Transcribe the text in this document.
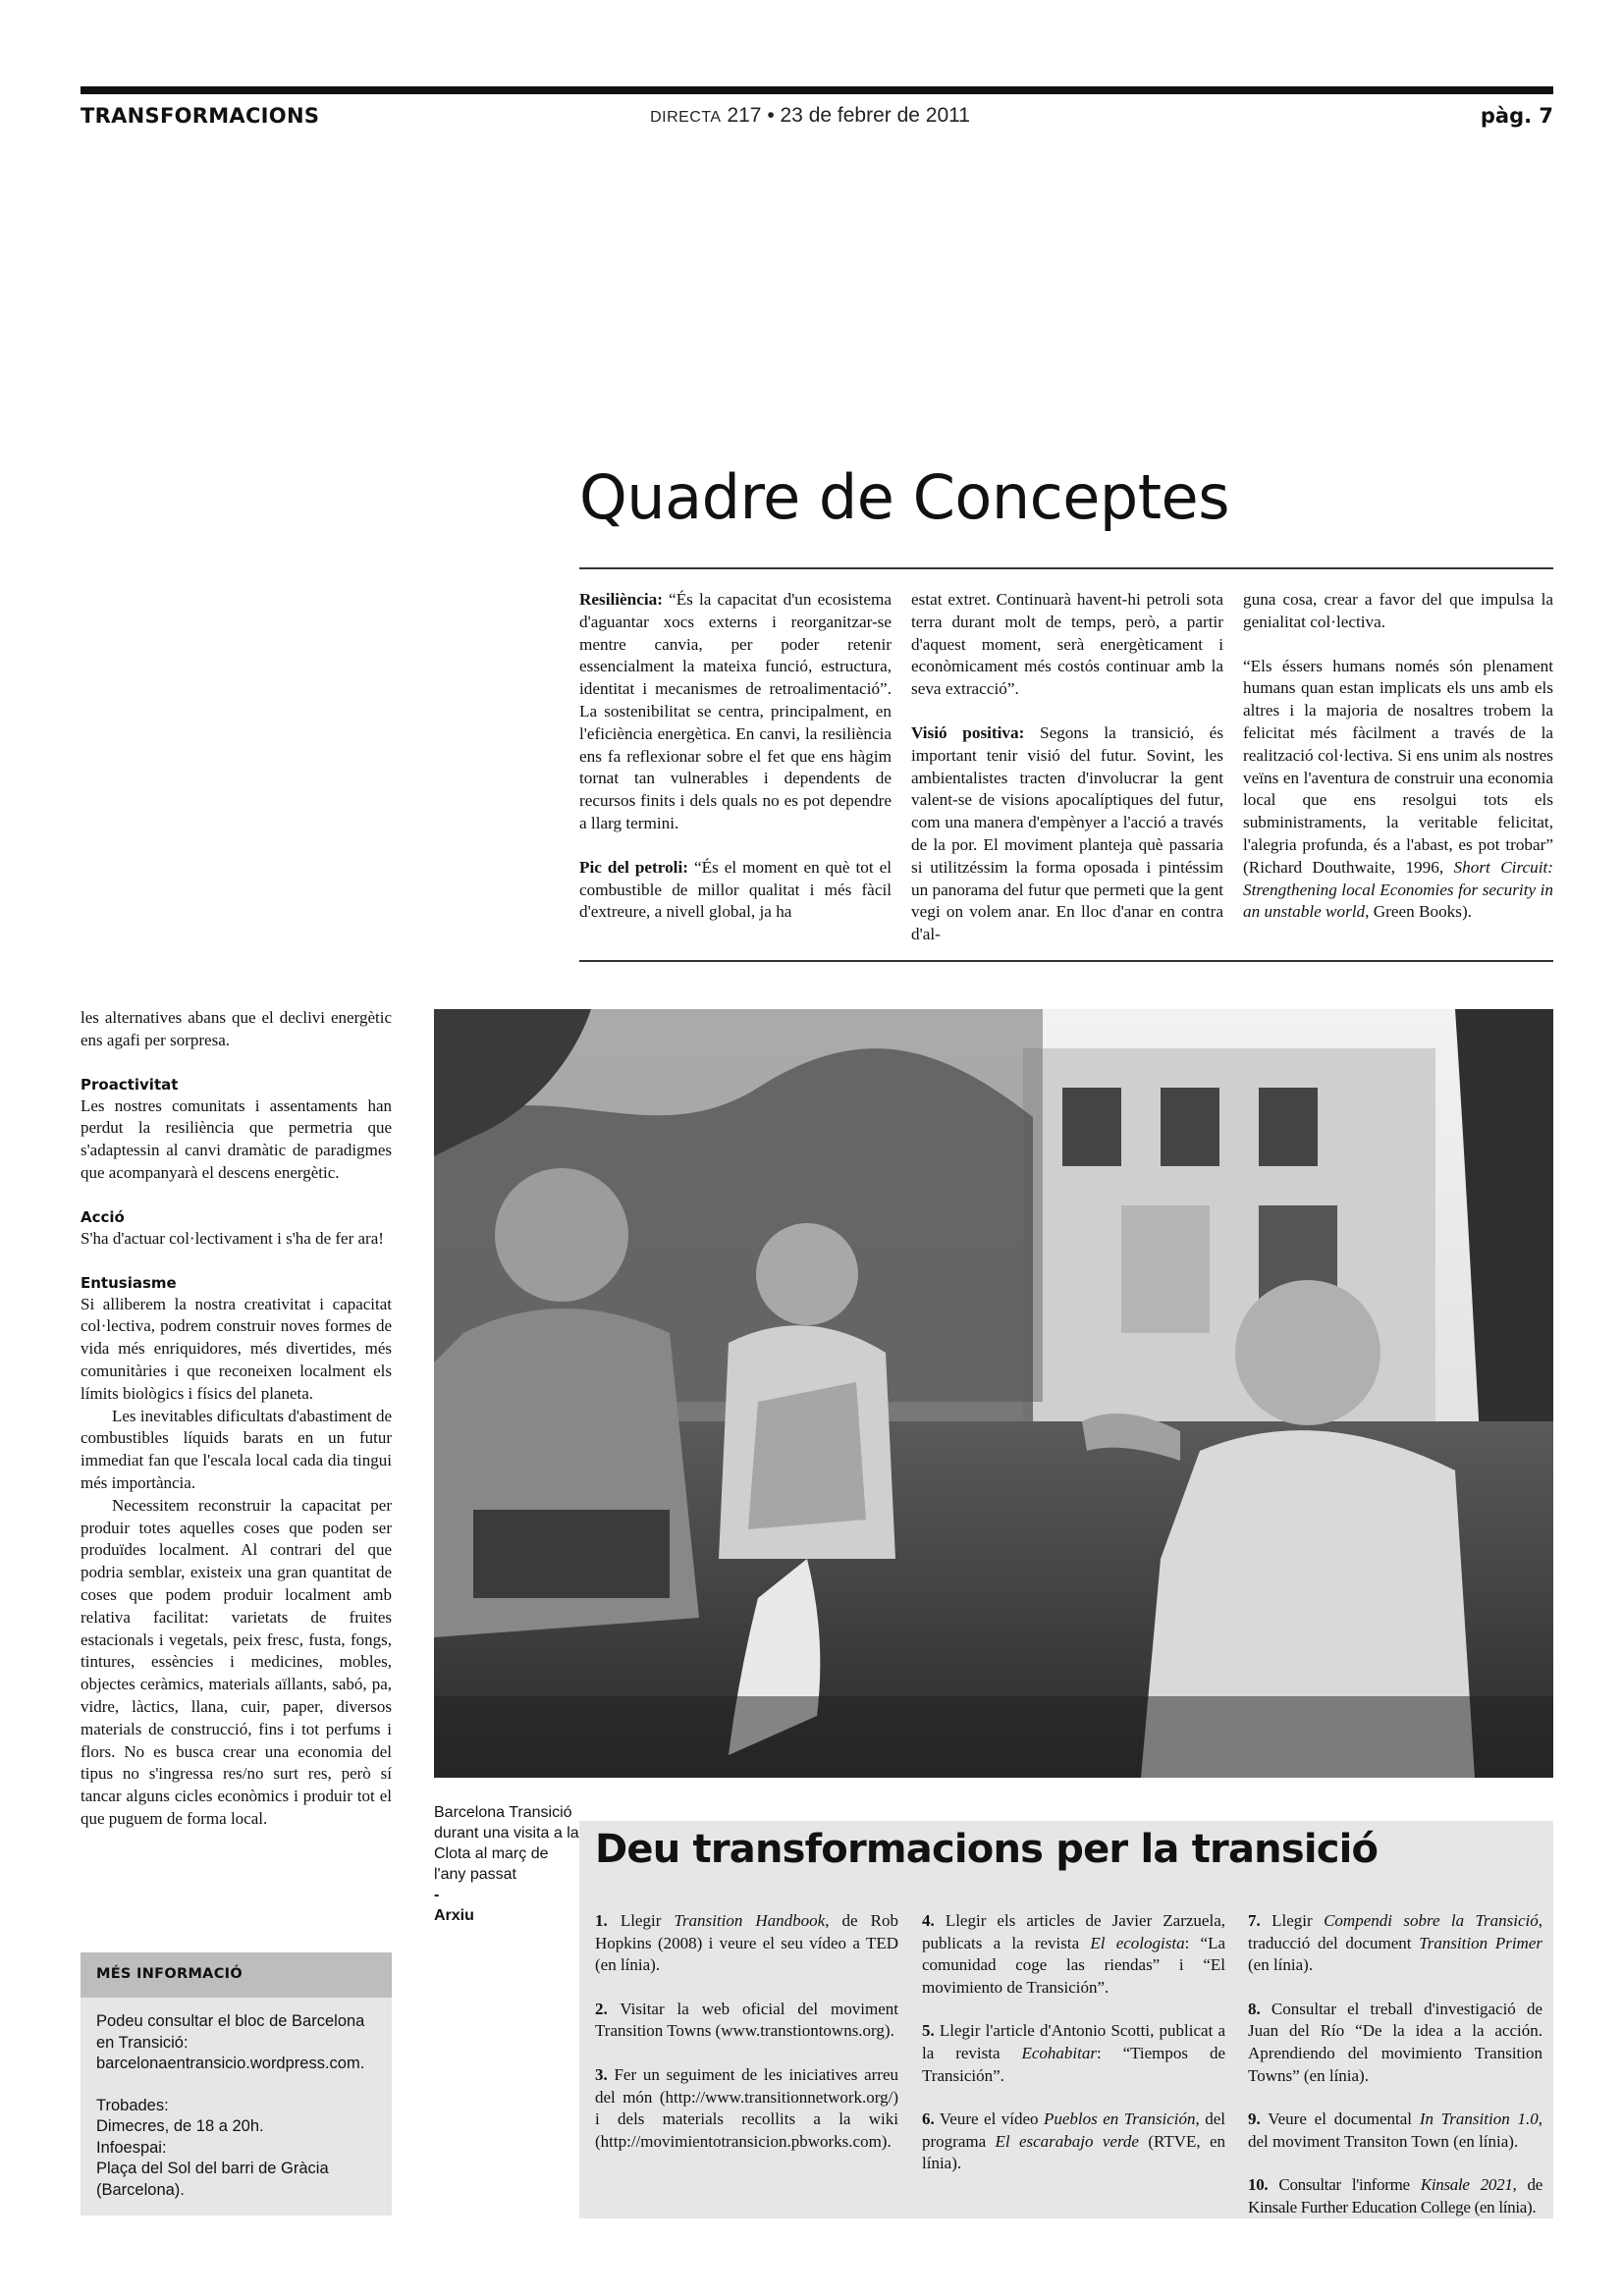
TRANSFORMACIONS	DIRECTA 217 • 23 de febrer de 2011	pàg. 7
Quadre de Conceptes

Resiliència: “És la capacitat d'un ecosistema d'aguantar xocs externs i reorganitzar-se mentre canvia, per poder retenir essencialment la mateixa funció, estructura, identitat i mecanismes de retroalimentació”. La sostenibilitat se centra, principalment, en l'eficiència energètica. En canvi, la resiliència ens fa reflexionar sobre el fet que ens hàgim tornat tan vulnerables i dependents de recursos finits i dels quals no es pot dependre a llarg termini.

Pic del petroli: “És el moment en què tot el combustible de millor qualitat i més fàcil d'extreure, a nivell global, ja ha

estat extret. Continuarà havent-hi petroli sota terra durant molt de temps, però, a partir d'aquest moment, serà energèticament i econòmicament més costós continuar amb la seva extracció”.

Visió positiva: Segons la transició, és important tenir visió del futur. Sovint, les ambientalistes tracten d'involucrar la gent valent-se de visions apocalíptiques del futur, com una manera d'empènyer a l'acció a través de la por. El moviment planteja què passaria si utilitzéssim la forma oposada i pintéssim un panorama del futur que permeti que la gent vegi on volem anar. En lloc d'anar en contra d'al-

guna cosa, crear a favor del que impulsa la genialitat col·lectiva.

“Els éssers humans només són plenament humans quan estan implicats els uns amb els altres i la majoria de nosaltres trobem la felicitat més fàcilment a través de la realització col·lectiva. Si ens unim als nostres veïns en l'aventura de construir una economia local que ens resolgui tots els subministraments, la veritable felicitat, l'alegria profunda, és a l'abast, es pot trobar” (Richard Douthwaite, 1996, Short Circuit: Strengthening local Economies for security in an unstable world, Green Books).

les alternatives abans que el declivi energètic ens agafi per sorpresa.

Proactivitat

Les nostres comunitats i assentaments han perdut la resiliència que permetria que s'adaptessin al canvi dramàtic de paradigmes que acompanyarà el descens energètic.

Acció

S'ha d'actuar col·lectivament i s'ha de fer ara!

Entusiasme

Si alliberem la nostra creativitat i capacitat col·lectiva, podrem construir noves formes de vida més enriquidores, més divertides, més comunitàries i que reconeixen localment els límits biològics i físics del planeta.

Les inevitables dificultats d'abastiment de combustibles líquids barats en un futur immediat fan que l'escala local cada dia tingui més importància.

Necessitem reconstruir la capacitat per produir totes aquelles coses que poden ser produïdes localment. Al contrari del que podria semblar, existeix una gran quantitat de coses que podem produir localment amb relativa facilitat: varietats de fruites estacionals i vegetals, peix fresc, fusta, fongs, tintures, essències i medicines, mobles, objectes ceràmics, materials aïllants, sabó, pa, vidre, làctics, llana, cuir, paper, diversos materials de construcció, fins i tot perfums i flors. No es busca crear una economia del tipus no s'ingressa res/no surt res, però sí tancar alguns cicles econòmics i produir tot el que puguem de forma local.	Barcelona Transició durant una visita a la Clota al març de l'any passat
-
Arxiu
MÉS INFORMACIÓ

Podeu consultar el bloc de Barcelona en Transició: barcelonaentransicio.wordpress.com.

Trobades:

Dimecres, de 18 a 20h.

Infoespai:

Plaça del Sol del barri de Gràcia (Barcelona).

Deu transformacions per la transició

1. Llegir Transition Handbook, de Rob Hopkins (2008) i veure el seu vídeo a TED (en línia).

2. Visitar la web oficial del moviment Transition Towns (www.transtiontowns.org).

3. Fer un seguiment de les iniciatives arreu del món (http://www.transitionnetwork.org/) i dels materials recollits a la wiki (http://movimientotransicion.pbworks.com).

4. Llegir els articles de Javier Zarzuela, publicats a la revista El ecologista: “La comunidad coge las riendas” i “El movimiento de Transición”.

5. Llegir l'article d'Antonio Scotti, publicat a la revista Ecohabitar: “Tiempos de Transición”.

6. Veure el vídeo Pueblos en Transición, del programa El escarabajo verde (RTVE, en línia).

7. Llegir Compendi sobre la Transició, traducció del document Transition Primer (en línia).

8. Consultar el treball d'investigació de Juan del Río “De la idea a la acción. Aprendiendo del movimiento Transition Towns” (en línia).

9. Veure el documental In Transition 1.0, del moviment Transiton Town (en línia).

10. Consultar l'informe Kinsale 2021, de Kinsale Further Education College (en línia).
